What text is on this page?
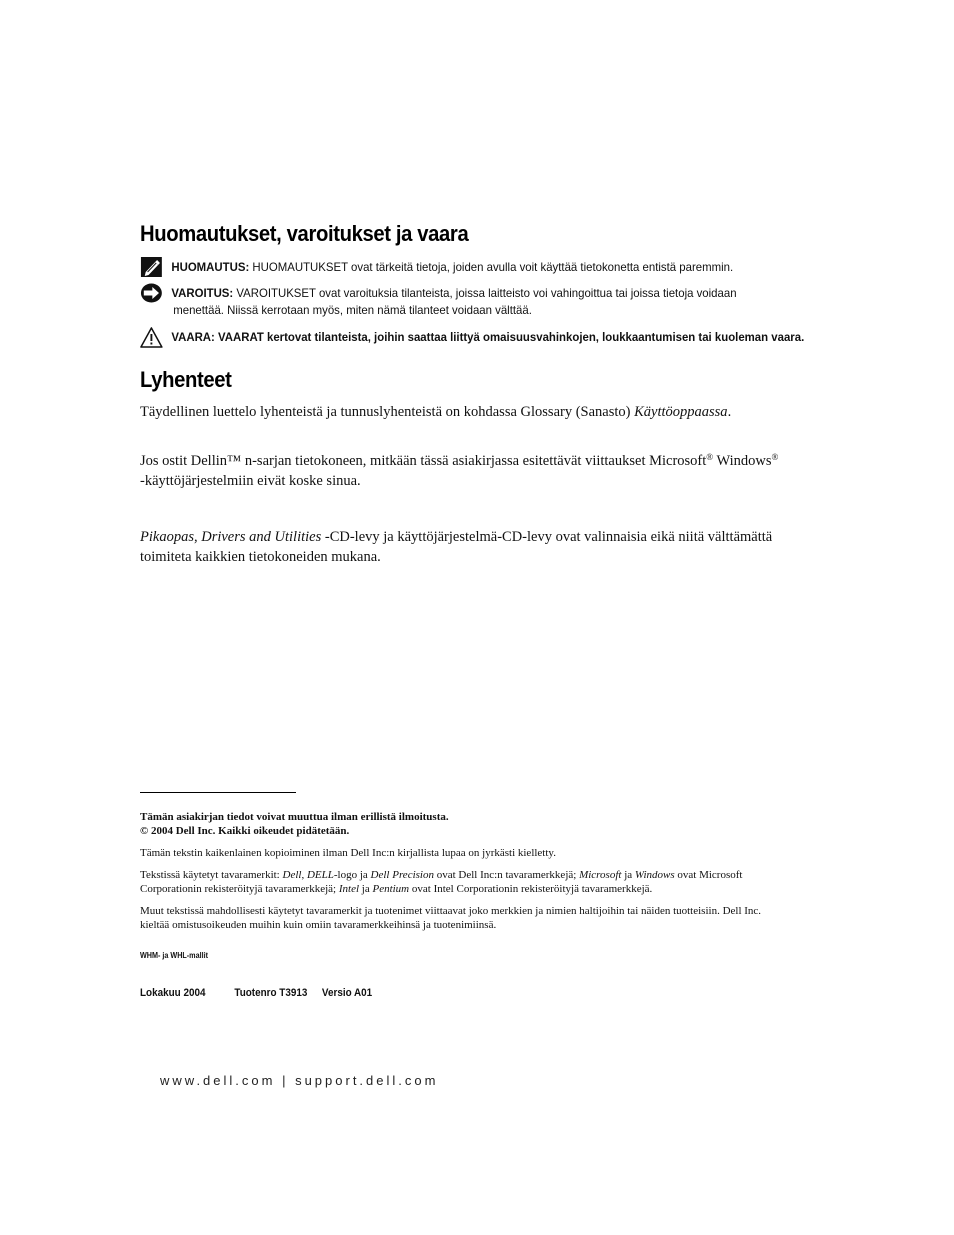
Huomautukset, varoitukset ja vaara
HUOMAUTUS: HUOMAUTUKSET ovat tärkeitä tietoja, joiden avulla voit käyttää tietokonetta entistä paremmin.
VAROITUS: VAROITUKSET ovat varoituksia tilanteista, joissa laitteisto voi vahingoittua tai joissa tietoja voidaan
menettää. Niissä kerrotaan myös, miten nämä tilanteet voidaan välttää.
VAARA: VAARAT kertovat tilanteista, joihin saattaa liittyä omaisuusvahinkojen, loukkaantumisen tai kuoleman vaara.
Lyhenteet
Täydellinen luettelo lyhenteistä ja tunnuslyhenteistä on kohdassa Glossary (Sanasto) Käyttöoppaassa.
Jos ostit Dellin™ n-sarjan tietokoneen, mitkään tässä asiakirjassa esitettävät viittaukset Microsoft® Windows®
-käyttöjärjestelmiin eivät koske sinua.
Pikaopas, Drivers and Utilities -CD-levy ja käyttöjärjestelmä-CD-levy ovat valinnaisia eikä niitä välttämättä
toimiteta kaikkien tietokoneiden mukana.
Tämän asiakirjan tiedot voivat muuttua ilman erillistä ilmoitusta.
© 2004 Dell Inc. Kaikki oikeudet pidätetään.
Tämän tekstin kaikenlainen kopioiminen ilman Dell Inc:n kirjallista lupaa on jyrkästi kielletty.
Tekstissä käytetyt tavaramerkit: Dell, DELL-logo ja Dell Precision ovat Dell Inc:n tavaramerkkejä; Microsoft ja Windows ovat Microsoft
Corporationin rekisteröityjä tavaramerkkejä; Intel ja Pentium ovat Intel Corporationin rekisteröityjä tavaramerkkejä.
Muut tekstissä mahdollisesti käytetyt tavaramerkit ja tuotenimet viittaavat joko merkkien ja nimien haltijoihin tai näiden tuotteisiin. Dell Inc.
kieltää omistusoikeuden muihin kuin omiin tavaramerkkeihinsä ja tuotenimiinsä.
WHM- ja WHL-mallit
Lokakuu 2004	Tuotenro T3913 Versio A01
www.dell.com | support.dell.com
